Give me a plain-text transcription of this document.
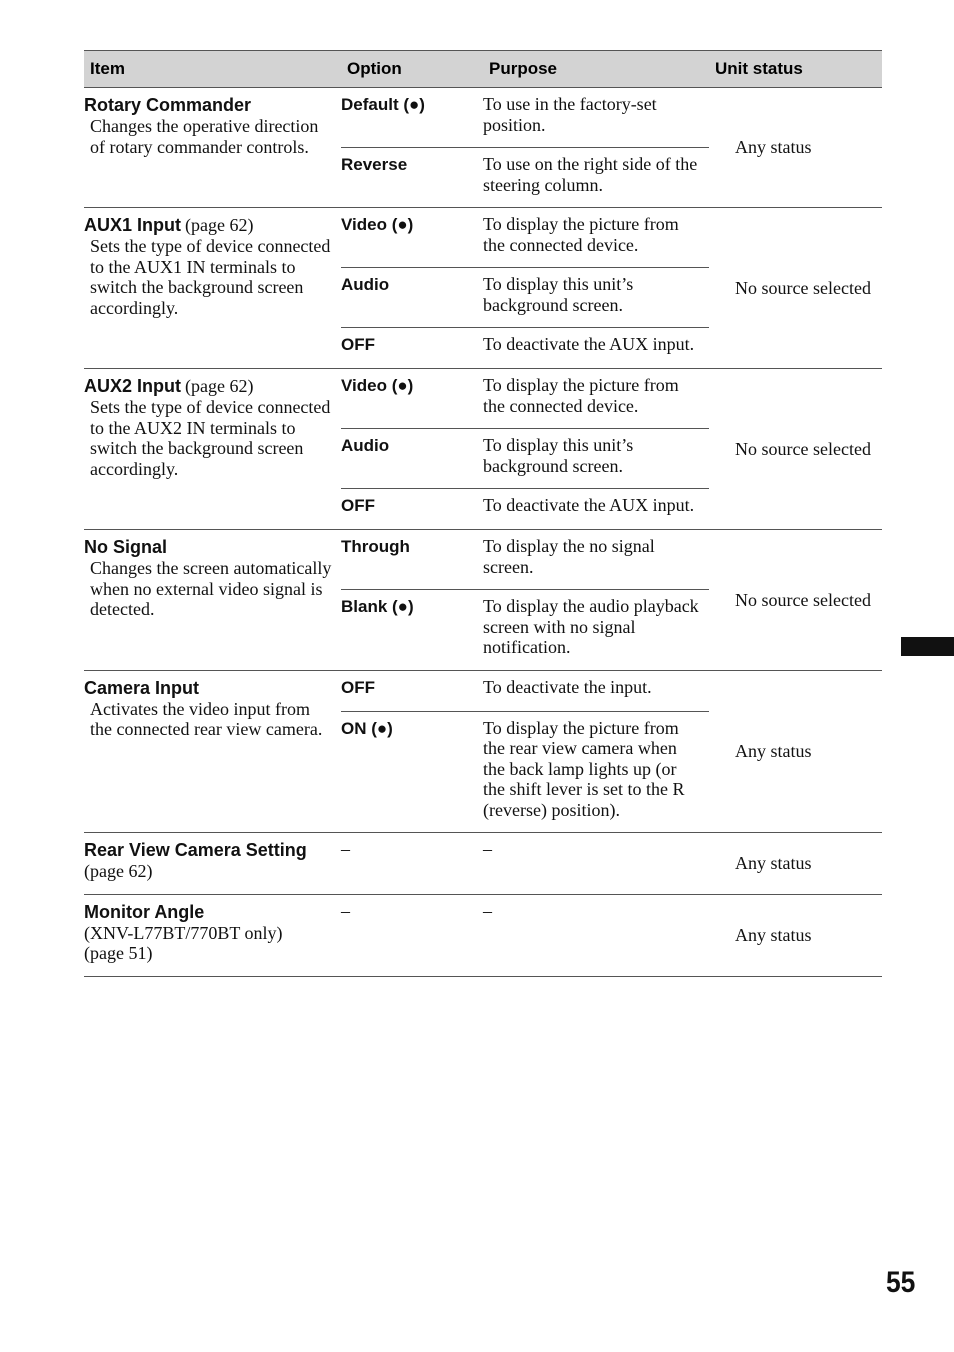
Item	Option	Purpose	Unit status

Rotary Commander
Changes the operative direction of rotary commander controls.	Default (●)	To use in the factory-set position.	Any status

	Reverse	To use on the right side of the steering column.	

AUX1 Input (page 62)
Sets the type of device connected to the AUX1 IN terminals to switch the background screen accordingly.	Video (●)	To display the picture from the connected device.	No source selected

	Audio	To display this unit’s background screen.	

	OFF	To deactivate the AUX input.	

AUX2 Input (page 62)
Sets the type of device connected to the AUX2 IN terminals to switch the background screen accordingly.	Video (●)	To display the picture from the connected device.	No source selected

	Audio	To display this unit’s background screen.	

	OFF	To deactivate the AUX input.	

No Signal
Changes the screen automatically when no external video signal is detected.	Through	To display the no signal screen.	No source selected

	Blank (●)	To display the audio playback screen with no signal notification.	

Camera Input
Activates the video input from the connected rear view camera.	OFF	To deactivate the input.	Any status

	ON (●)	To display the picture from the rear view camera when the back lamp lights up (or the shift lever is set to the R (reverse) position).	

Rear View Camera Setting
(page 62)	–	–	Any status

Monitor Angle
(XNV-L77BT/770BT only)
(page 51)	–	–	Any status
55
